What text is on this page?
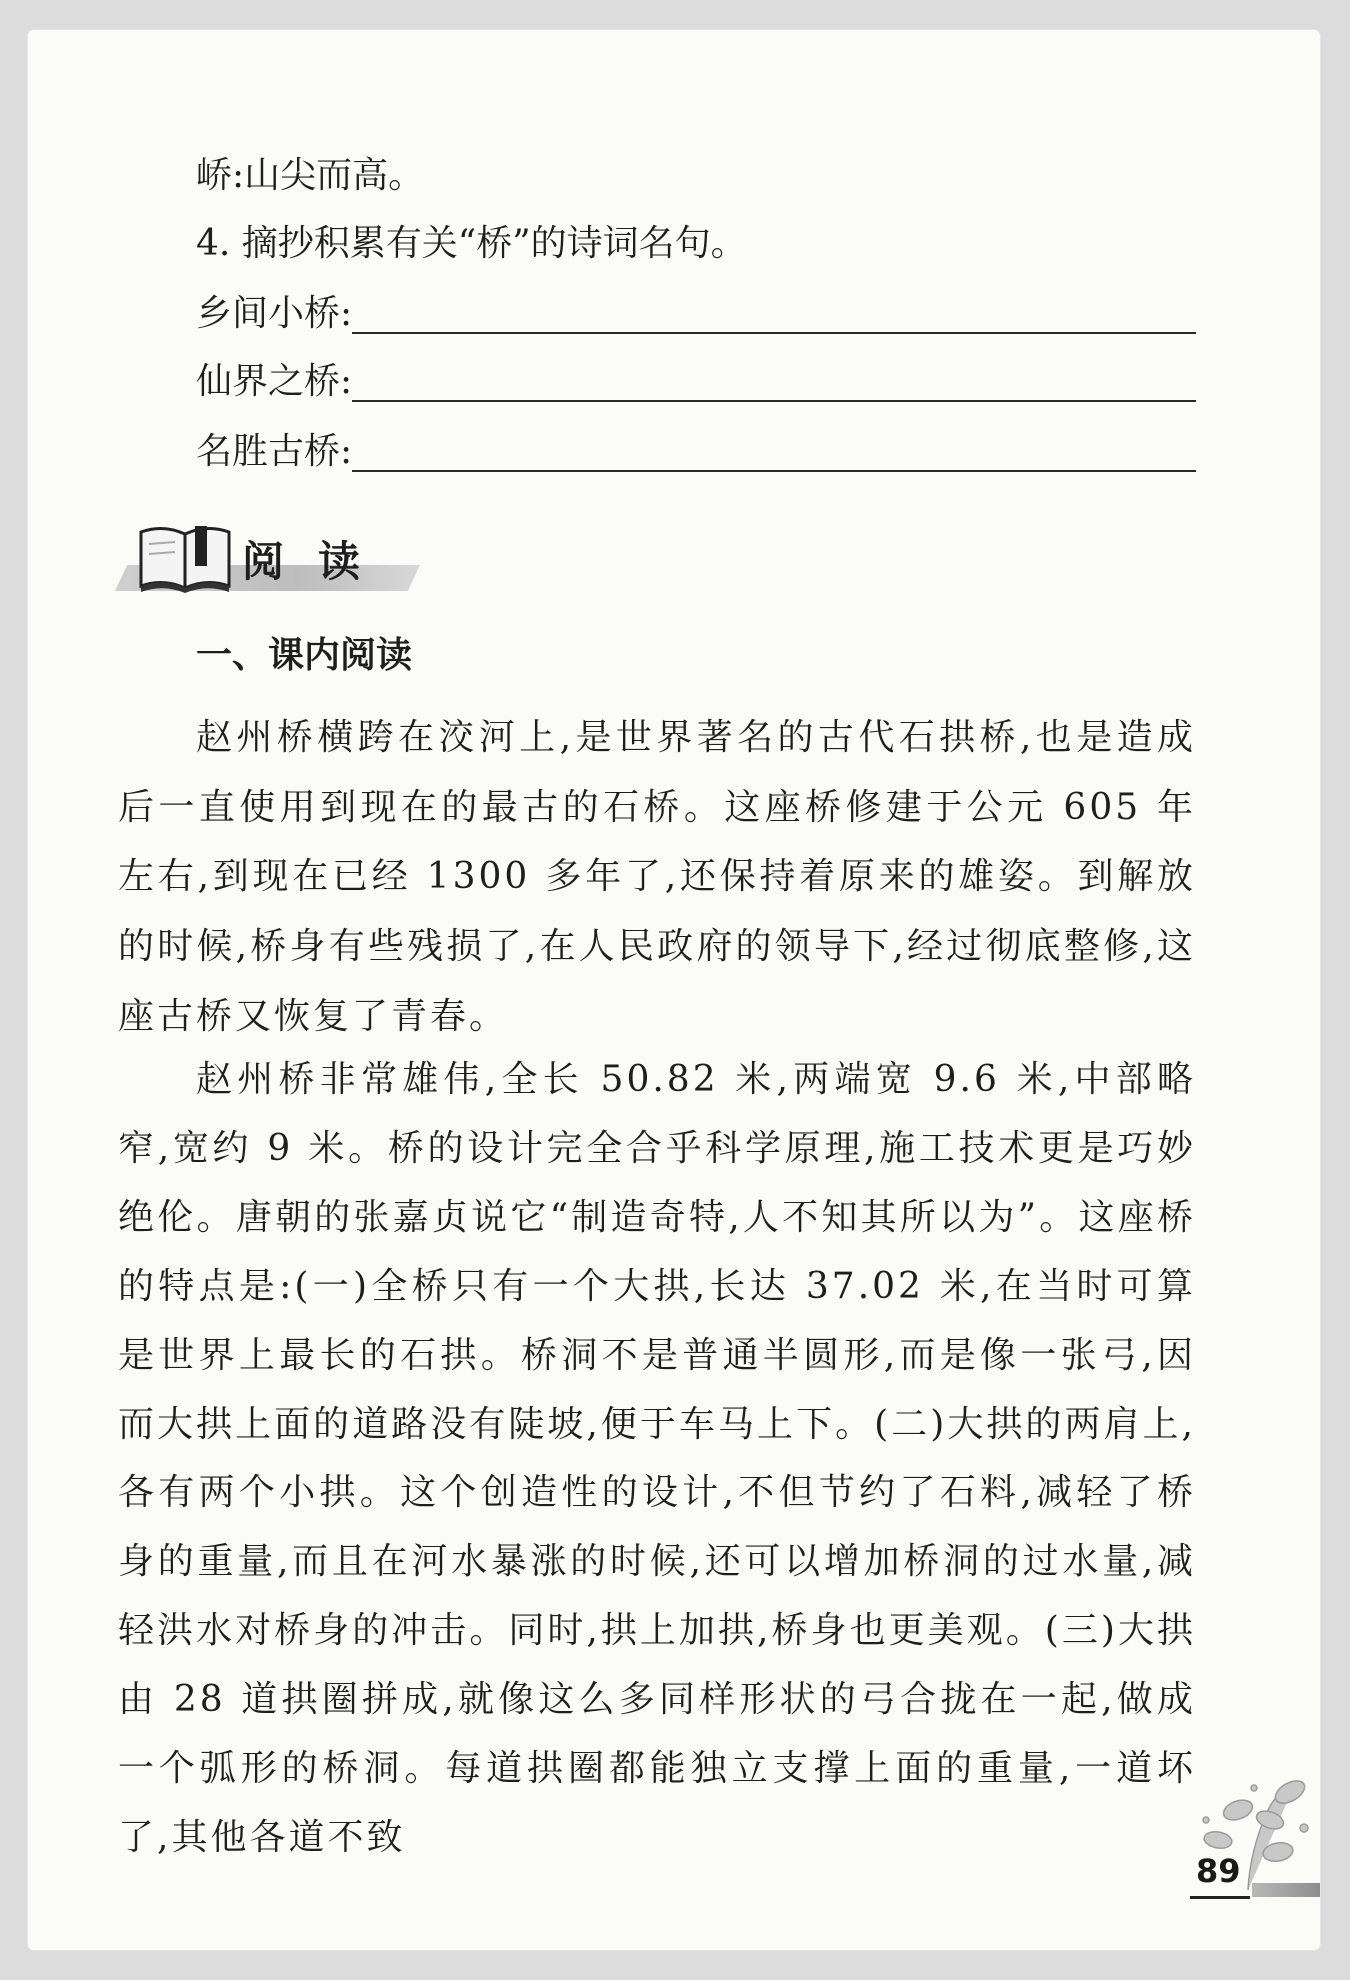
峤:山尖而高。
4. 摘抄积累有关“桥”的诗词名句。
乡间小桥:
仙界之桥:
名胜古桥:
阅读
一、课内阅读
赵州桥横跨在洨河上,是世界著名的古代石拱桥,也是造成后一直使用到现在的最古的石桥。这座桥修建于公元 605 年左右,到现在已经 1300 多年了,还保持着原来的雄姿。到解放的时候,桥身有些残损了,在人民政府的领导下,经过彻底整修,这座古桥又恢复了青春。
赵州桥非常雄伟,全长 50.82 米,两端宽 9.6 米,中部略窄,宽约 9 米。桥的设计完全合乎科学原理,施工技术更是巧妙绝伦。唐朝的张嘉贞说它“制造奇特,人不知其所以为”。这座桥的特点是:(一)全桥只有一个大拱,长达 37.02 米,在当时可算是世界上最长的石拱。桥洞不是普通半圆形,而是像一张弓,因而大拱上面的道路没有陡坡,便于车马上下。(二)大拱的两肩上,各有两个小拱。这个创造性的设计,不但节约了石料,减轻了桥身的重量,而且在河水暴涨的时候,还可以增加桥洞的过水量,减轻洪水对桥身的冲击。同时,拱上加拱,桥身也更美观。(三)大拱由 28 道拱圈拼成,就像这么多同样形状的弓合拢在一起,做成一个弧形的桥洞。每道拱圈都能独立支撑上面的重量,一道坏了,其他各道不致
89
